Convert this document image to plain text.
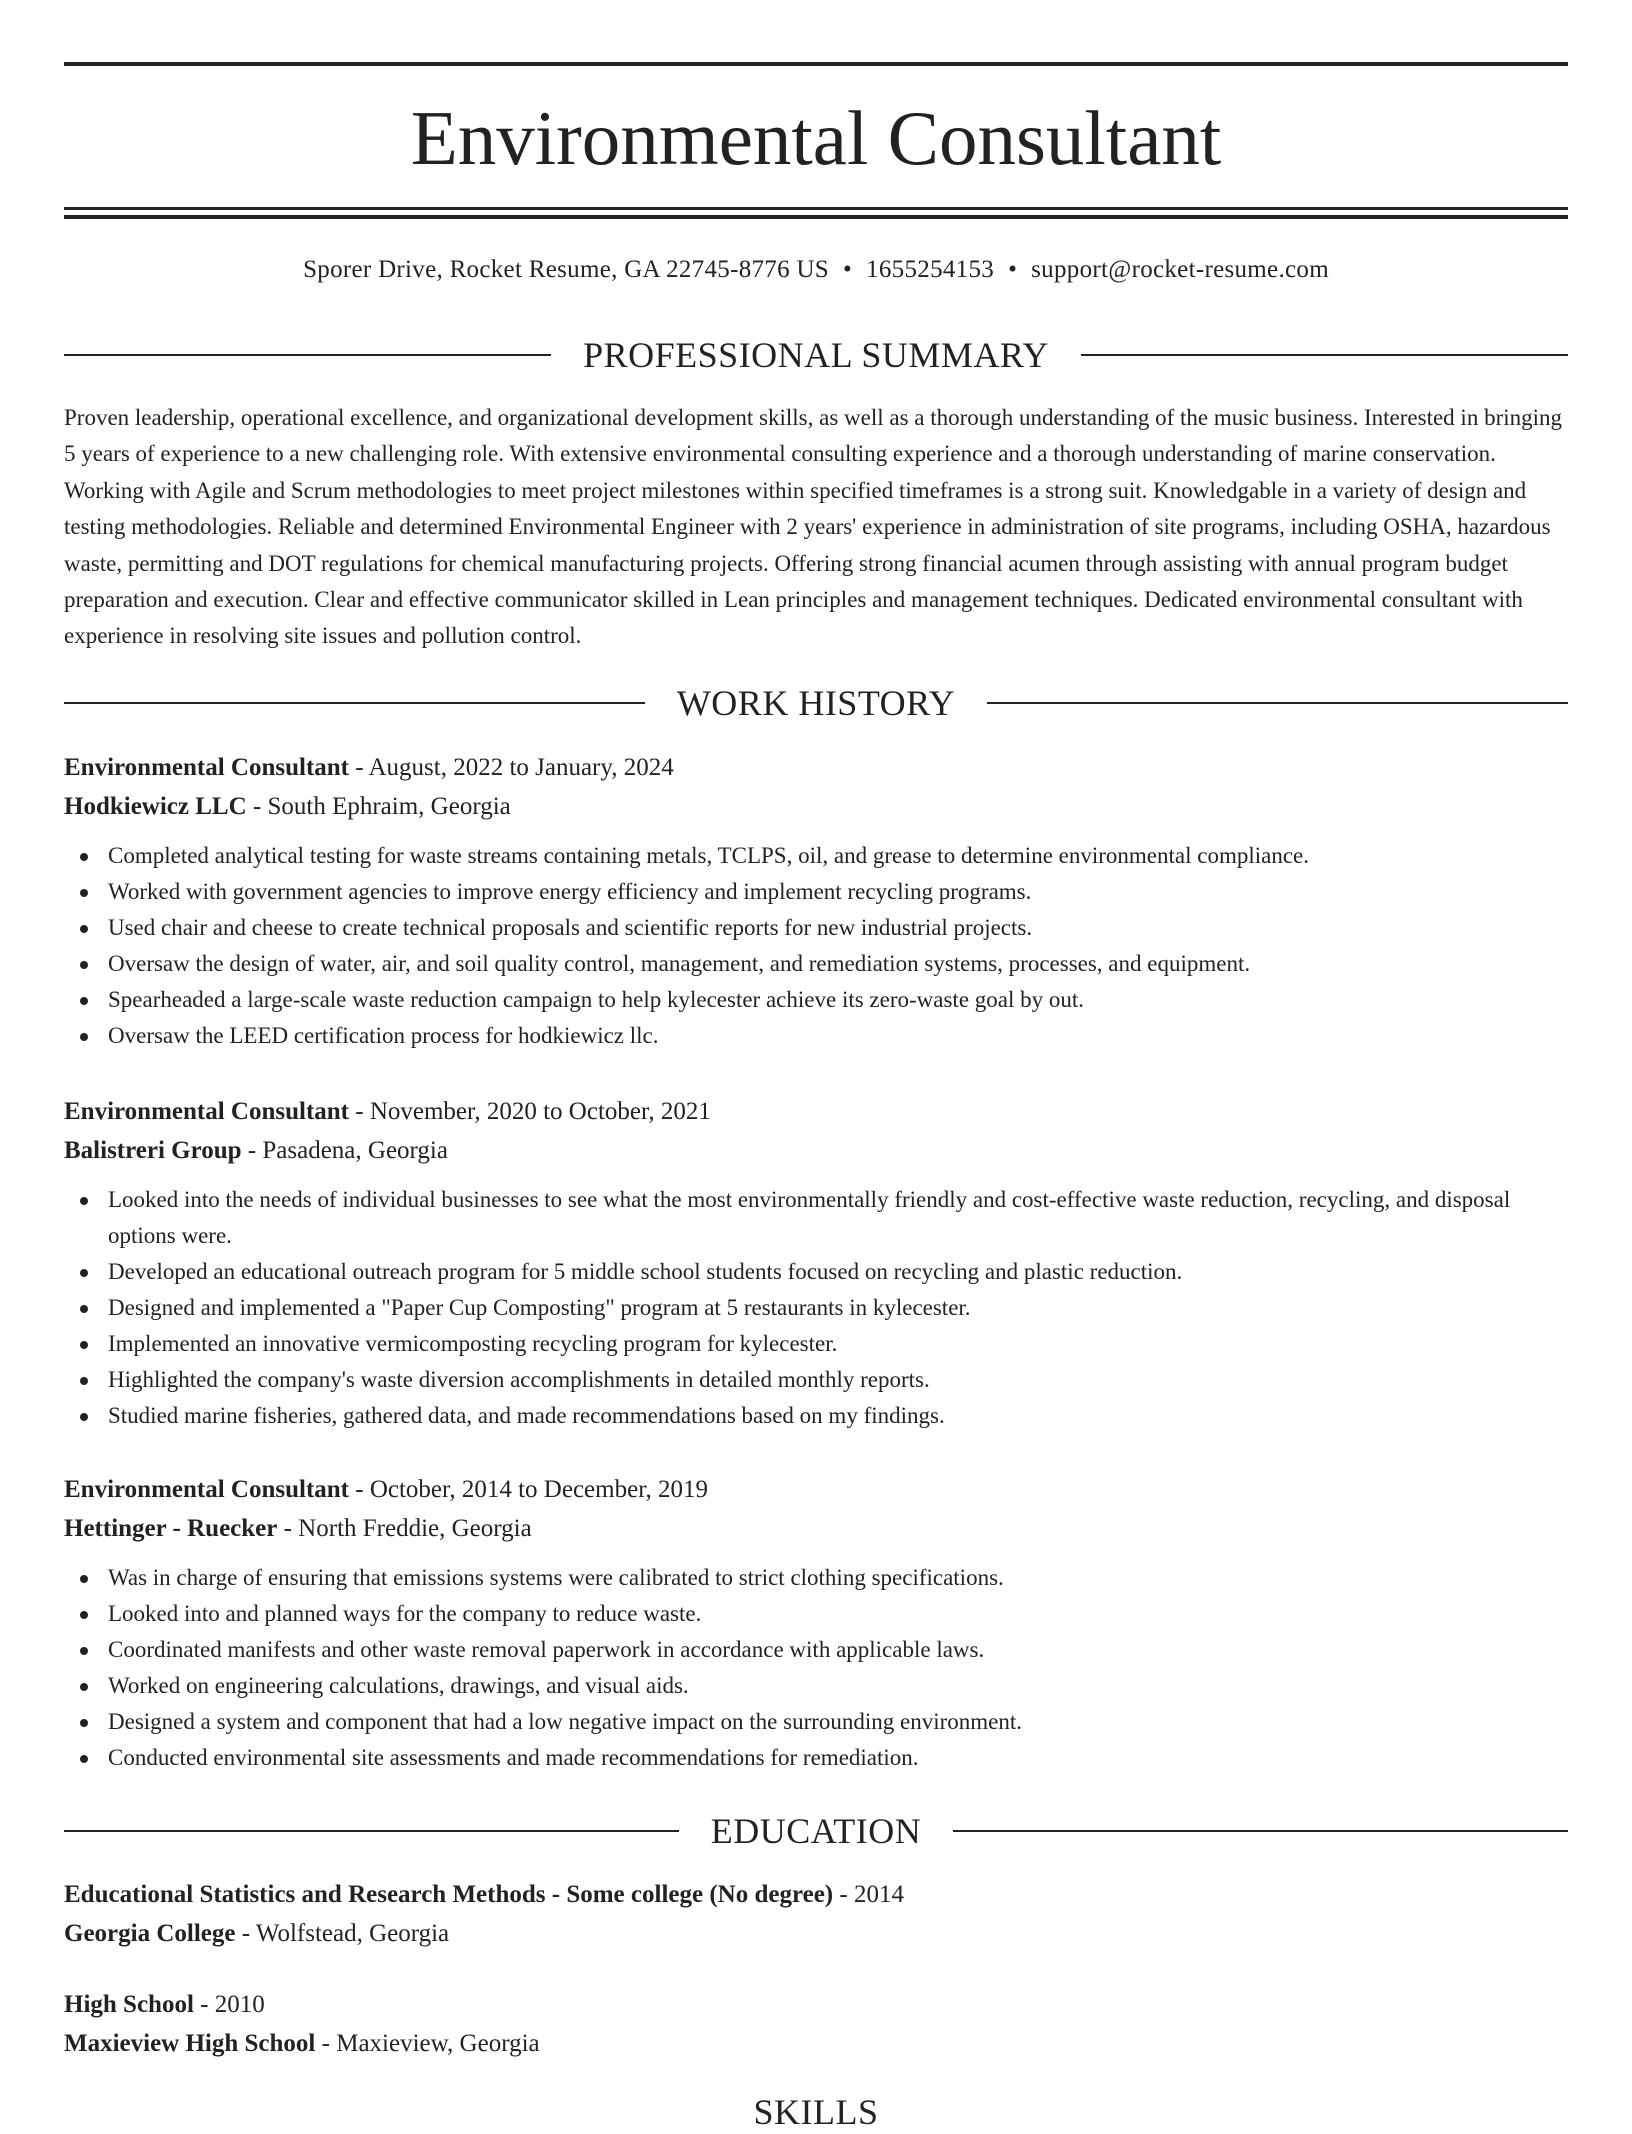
Environmental Consultant
Sporer Drive, Rocket Resume, GA 22745-8776 US • 1655254153 • support@rocket-resume.com
PROFESSIONAL SUMMARY

Proven leadership, operational excellence, and organizational development skills, as well as a thorough understanding of the music business. Interested in bringing 5 years of experience to a new challenging role. With extensive environmental consulting experience and a thorough understanding of marine conservation. Working with Agile and Scrum methodologies to meet project milestones within specified timeframes is a strong suit. Knowledgable in a variety of design and testing methodologies. Reliable and determined Environmental Engineer with 2 years' experience in administration of site programs, including OSHA, hazardous waste, permitting and DOT regulations for chemical manufacturing projects. Offering strong financial acumen through assisting with annual program budget preparation and execution. Clear and effective communicator skilled in Lean principles and management techniques. Dedicated environmental consultant with experience in resolving site issues and pollution control.

WORK HISTORY

Environmental Consultant - August, 2022 to January, 2024

Hodkiewicz LLC - South Ephraim, Georgia

Completed analytical testing for waste streams containing metals, TCLPS, oil, and grease to determine environmental compliance.
Worked with government agencies to improve energy efficiency and implement recycling programs.
Used chair and cheese to create technical proposals and scientific reports for new industrial projects.
Oversaw the design of water, air, and soil quality control, management, and remediation systems, processes, and equipment.
Spearheaded a large-scale waste reduction campaign to help kylecester achieve its zero-waste goal by out.
Oversaw the LEED certification process for hodkiewicz llc.

Environmental Consultant - November, 2020 to October, 2021

Balistreri Group - Pasadena, Georgia

Looked into the needs of individual businesses to see what the most environmentally friendly and cost-effective waste reduction, recycling, and disposal options were.
Developed an educational outreach program for 5 middle school students focused on recycling and plastic reduction.
Designed and implemented a "Paper Cup Composting" program at 5 restaurants in kylecester.
Implemented an innovative vermicomposting recycling program for kylecester.
Highlighted the company's waste diversion accomplishments in detailed monthly reports.
Studied marine fisheries, gathered data, and made recommendations based on my findings.

Environmental Consultant - October, 2014 to December, 2019

Hettinger - Ruecker - North Freddie, Georgia

Was in charge of ensuring that emissions systems were calibrated to strict clothing specifications.
Looked into and planned ways for the company to reduce waste.
Coordinated manifests and other waste removal paperwork in accordance with applicable laws.
Worked on engineering calculations, drawings, and visual aids.
Designed a system and component that had a low negative impact on the surrounding environment.
Conducted environmental site assessments and made recommendations for remediation.
EDUCATION

Educational Statistics and Research Methods - Some college (No degree) - 2014

Georgia College - Wolfstead, Georgia

High School - 2010

Maxieview High School - Maxieview, Georgia

SKILLS
